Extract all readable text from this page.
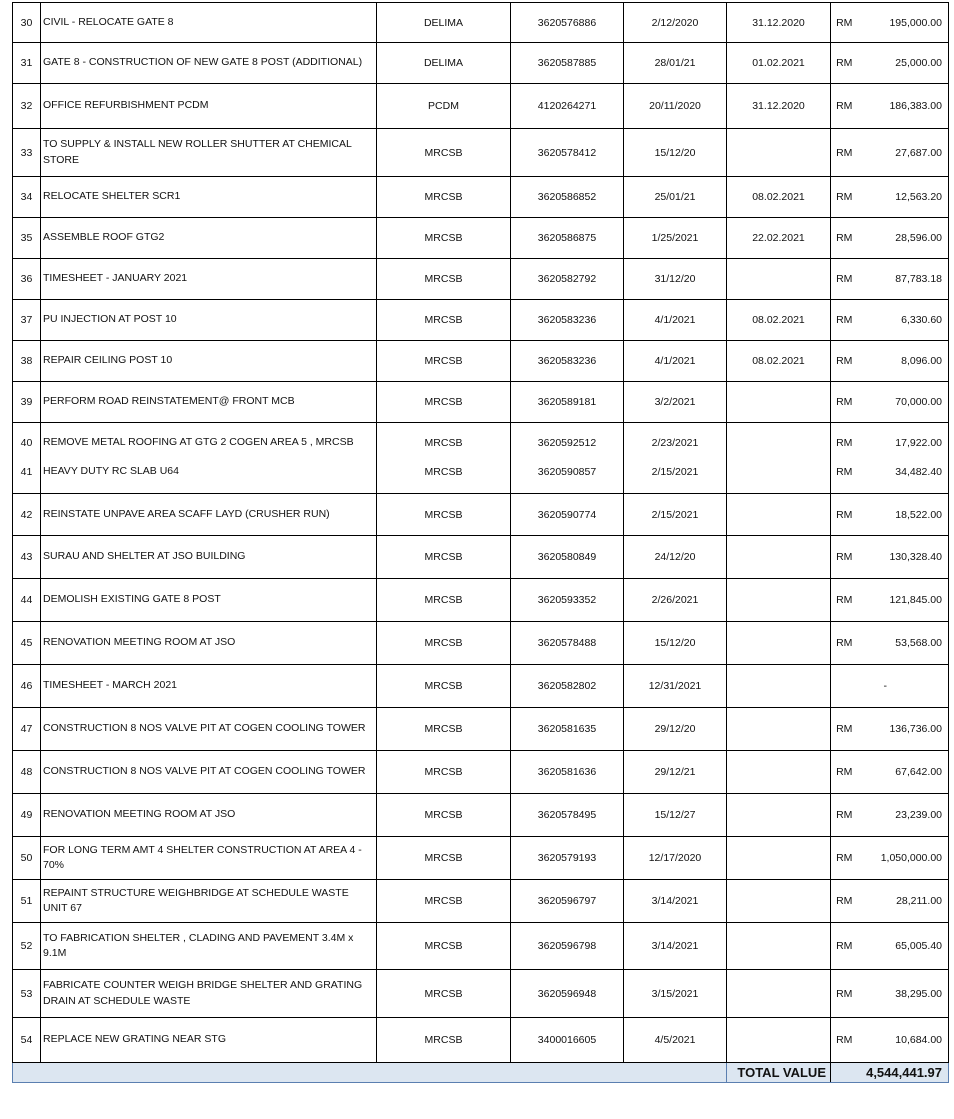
30	CIVIL - RELOCATE GATE 8	DELIMA	3620576886	2/12/2020	31.12.2020	RM	195,000.00
31	GATE 8 - CONSTRUCTION OF NEW GATE 8 POST (ADDITIONAL)	DELIMA	3620587885	28/01/21	01.02.2021	RM	25,000.00
32	OFFICE REFURBISHMENT PCDM	PCDM	4120264271	20/11/2020	31.12.2020	RM	186,383.00
33	TO SUPPLY & INSTALL NEW ROLLER SHUTTER AT CHEMICAL STORE	MRCSB	3620578412	15/12/20		RM	27,687.00
34	RELOCATE SHELTER SCR1	MRCSB	3620586852	25/01/21	08.02.2021	RM	12,563.20
35	ASSEMBLE ROOF GTG2	MRCSB	3620586875	1/25/2021	22.02.2021	RM	28,596.00
36	TIMESHEET - JANUARY 2021	MRCSB	3620582792	31/12/20		RM	87,783.18
37	PU INJECTION AT POST 10	MRCSB	3620583236	4/1/2021	08.02.2021	RM	6,330.60
38	REPAIR CEILING POST 10	MRCSB	3620583236	4/1/2021	08.02.2021	RM	8,096.00
39	PERFORM ROAD REINSTATEMENT@ FRONT MCB	MRCSB	3620589181	3/2/2021		RM	70,000.00
40	REMOVE METAL ROOFING AT GTG 2 COGEN AREA 5 , MRCSB	MRCSB	3620592512	2/23/2021		RM	17,922.00
41	HEAVY DUTY RC SLAB U64	MRCSB	3620590857	2/15/2021		RM	34,482.40
42	REINSTATE UNPAVE AREA SCAFF LAYD (CRUSHER RUN)	MRCSB	3620590774	2/15/2021		RM	18,522.00
43	SURAU AND SHELTER AT JSO BUILDING	MRCSB	3620580849	24/12/20		RM	130,328.40
44	DEMOLISH EXISTING GATE 8 POST	MRCSB	3620593352	2/26/2021		RM	121,845.00
45	RENOVATION MEETING ROOM AT JSO	MRCSB	3620578488	15/12/20		RM	53,568.00
46	TIMESHEET - MARCH 2021	MRCSB	3620582802	12/31/2021			-
47	CONSTRUCTION 8 NOS VALVE PIT AT COGEN COOLING TOWER	MRCSB	3620581635	29/12/20		RM	136,736.00
48	CONSTRUCTION 8 NOS VALVE PIT AT COGEN COOLING TOWER	MRCSB	3620581636	29/12/21		RM	67,642.00
49	RENOVATION MEETING ROOM AT JSO	MRCSB	3620578495	15/12/27		RM	23,239.00
50	FOR LONG TERM AMT 4 SHELTER CONSTRUCTION AT AREA 4 - 70%	MRCSB	3620579193	12/17/2020		RM	1,050,000.00
51	REPAINT STRUCTURE WEIGHBRIDGE AT SCHEDULE WASTE UNIT 67	MRCSB	3620596797	3/14/2021		RM	28,211.00
52	TO FABRICATION SHELTER , CLADING AND PAVEMENT 3.4M x 9.1M	MRCSB	3620596798	3/14/2021		RM	65,005.40
53	FABRICATE COUNTER WEIGH BRIDGE SHELTER AND GRATING DRAIN AT SCHEDULE WASTE	MRCSB	3620596948	3/15/2021		RM	38,295.00
54	REPLACE NEW GRATING NEAR STG	MRCSB	3400016605	4/5/2021		RM	10,684.00
					TOTAL VALUE	4,544,441.97	
